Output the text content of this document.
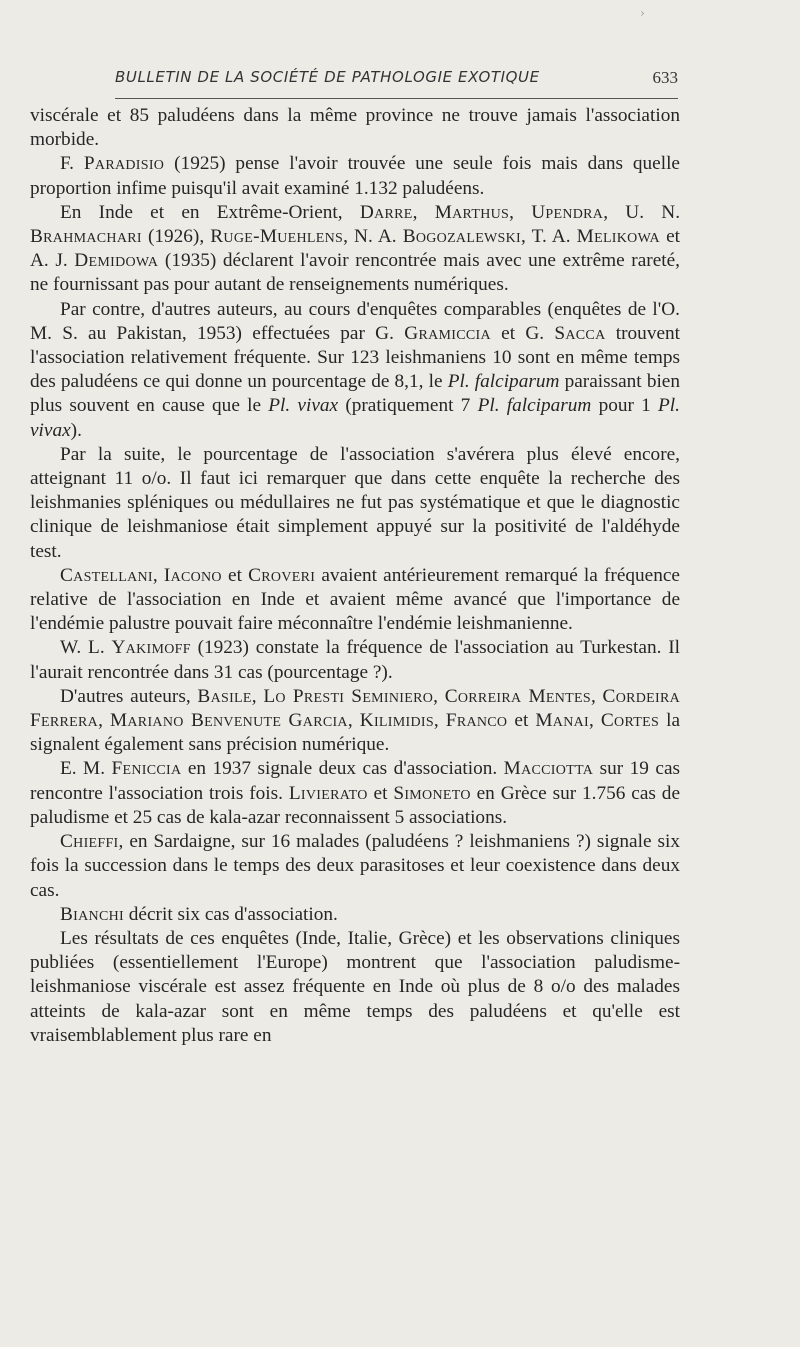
BULLETIN DE LA SOCIÉTÉ DE PATHOLOGIE EXOTIQUE	633

viscérale et 85 paludéens dans la même province ne trouve jamais l'association morbide.

F. Paradisio (1925) pense l'avoir trouvée une seule fois mais dans quelle proportion infime puisqu'il avait examiné 1.132 paludéens.

En Inde et en Extrême-Orient, Darre, Marthus, Upendra, U. N. Brahmachari (1926), Ruge-Muehlens, N. A. Bogozalewski, T. A. Melikowa et A. J. Demidowa (1935) déclarent l'avoir rencontrée mais avec une extrême rareté, ne fournissant pas pour autant de renseignements numériques.

Par contre, d'autres auteurs, au cours d'enquêtes comparables (enquêtes de l'O. M. S. au Pakistan, 1953) effectuées par G. Gramiccia et G. Sacca trouvent l'association relativement fréquente. Sur 123 leishmaniens 10 sont en même temps des paludéens ce qui donne un pourcentage de 8,1, le Pl. falciparum paraissant bien plus souvent en cause que le Pl. vivax (pratiquement 7 Pl. falciparum pour 1 Pl. vivax).

Par la suite, le pourcentage de l'association s'avérera plus élevé encore, atteignant 11 o/o. Il faut ici remarquer que dans cette enquête la recherche des leishmanies spléniques ou médullaires ne fut pas systématique et que le diagnostic clinique de leishmaniose était simplement appuyé sur la positivité de l'aldéhyde test.

Castellani, Iacono et Croveri avaient antérieurement remarqué la fréquence relative de l'association en Inde et avaient même avancé que l'importance de l'endémie palustre pouvait faire méconnaître l'endémie leishmanienne.

W. L. Yakimoff (1923) constate la fréquence de l'association au Turkestan. Il l'aurait rencontrée dans 31 cas (pourcentage ?).

D'autres auteurs, Basile, Lo Presti Seminiero, Correira Mentes, Cordeira Ferrera, Mariano Benvenute Garcia, Kilimidis, Franco et Manai, Cortes la signalent également sans précision numérique.

E. M. Feniccia en 1937 signale deux cas d'association. Macciotta sur 19 cas rencontre l'association trois fois. Livierato et Simoneto en Grèce sur 1.756 cas de paludisme et 25 cas de kala-azar reconnaissent 5 associations.

Chieffi, en Sardaigne, sur 16 malades (paludéens ? leishmaniens ?) signale six fois la succession dans le temps des deux parasitoses et leur coexistence dans deux cas.

Bianchi décrit six cas d'association.

Les résultats de ces enquêtes (Inde, Italie, Grèce) et les observations cliniques publiées (essentiellement l'Europe) montrent que l'association paludisme-leishmaniose viscérale est assez fréquente en Inde où plus de 8 o/o des malades atteints de kala-azar sont en même temps des paludéens et qu'elle est vraisemblablement plus rare en

›
